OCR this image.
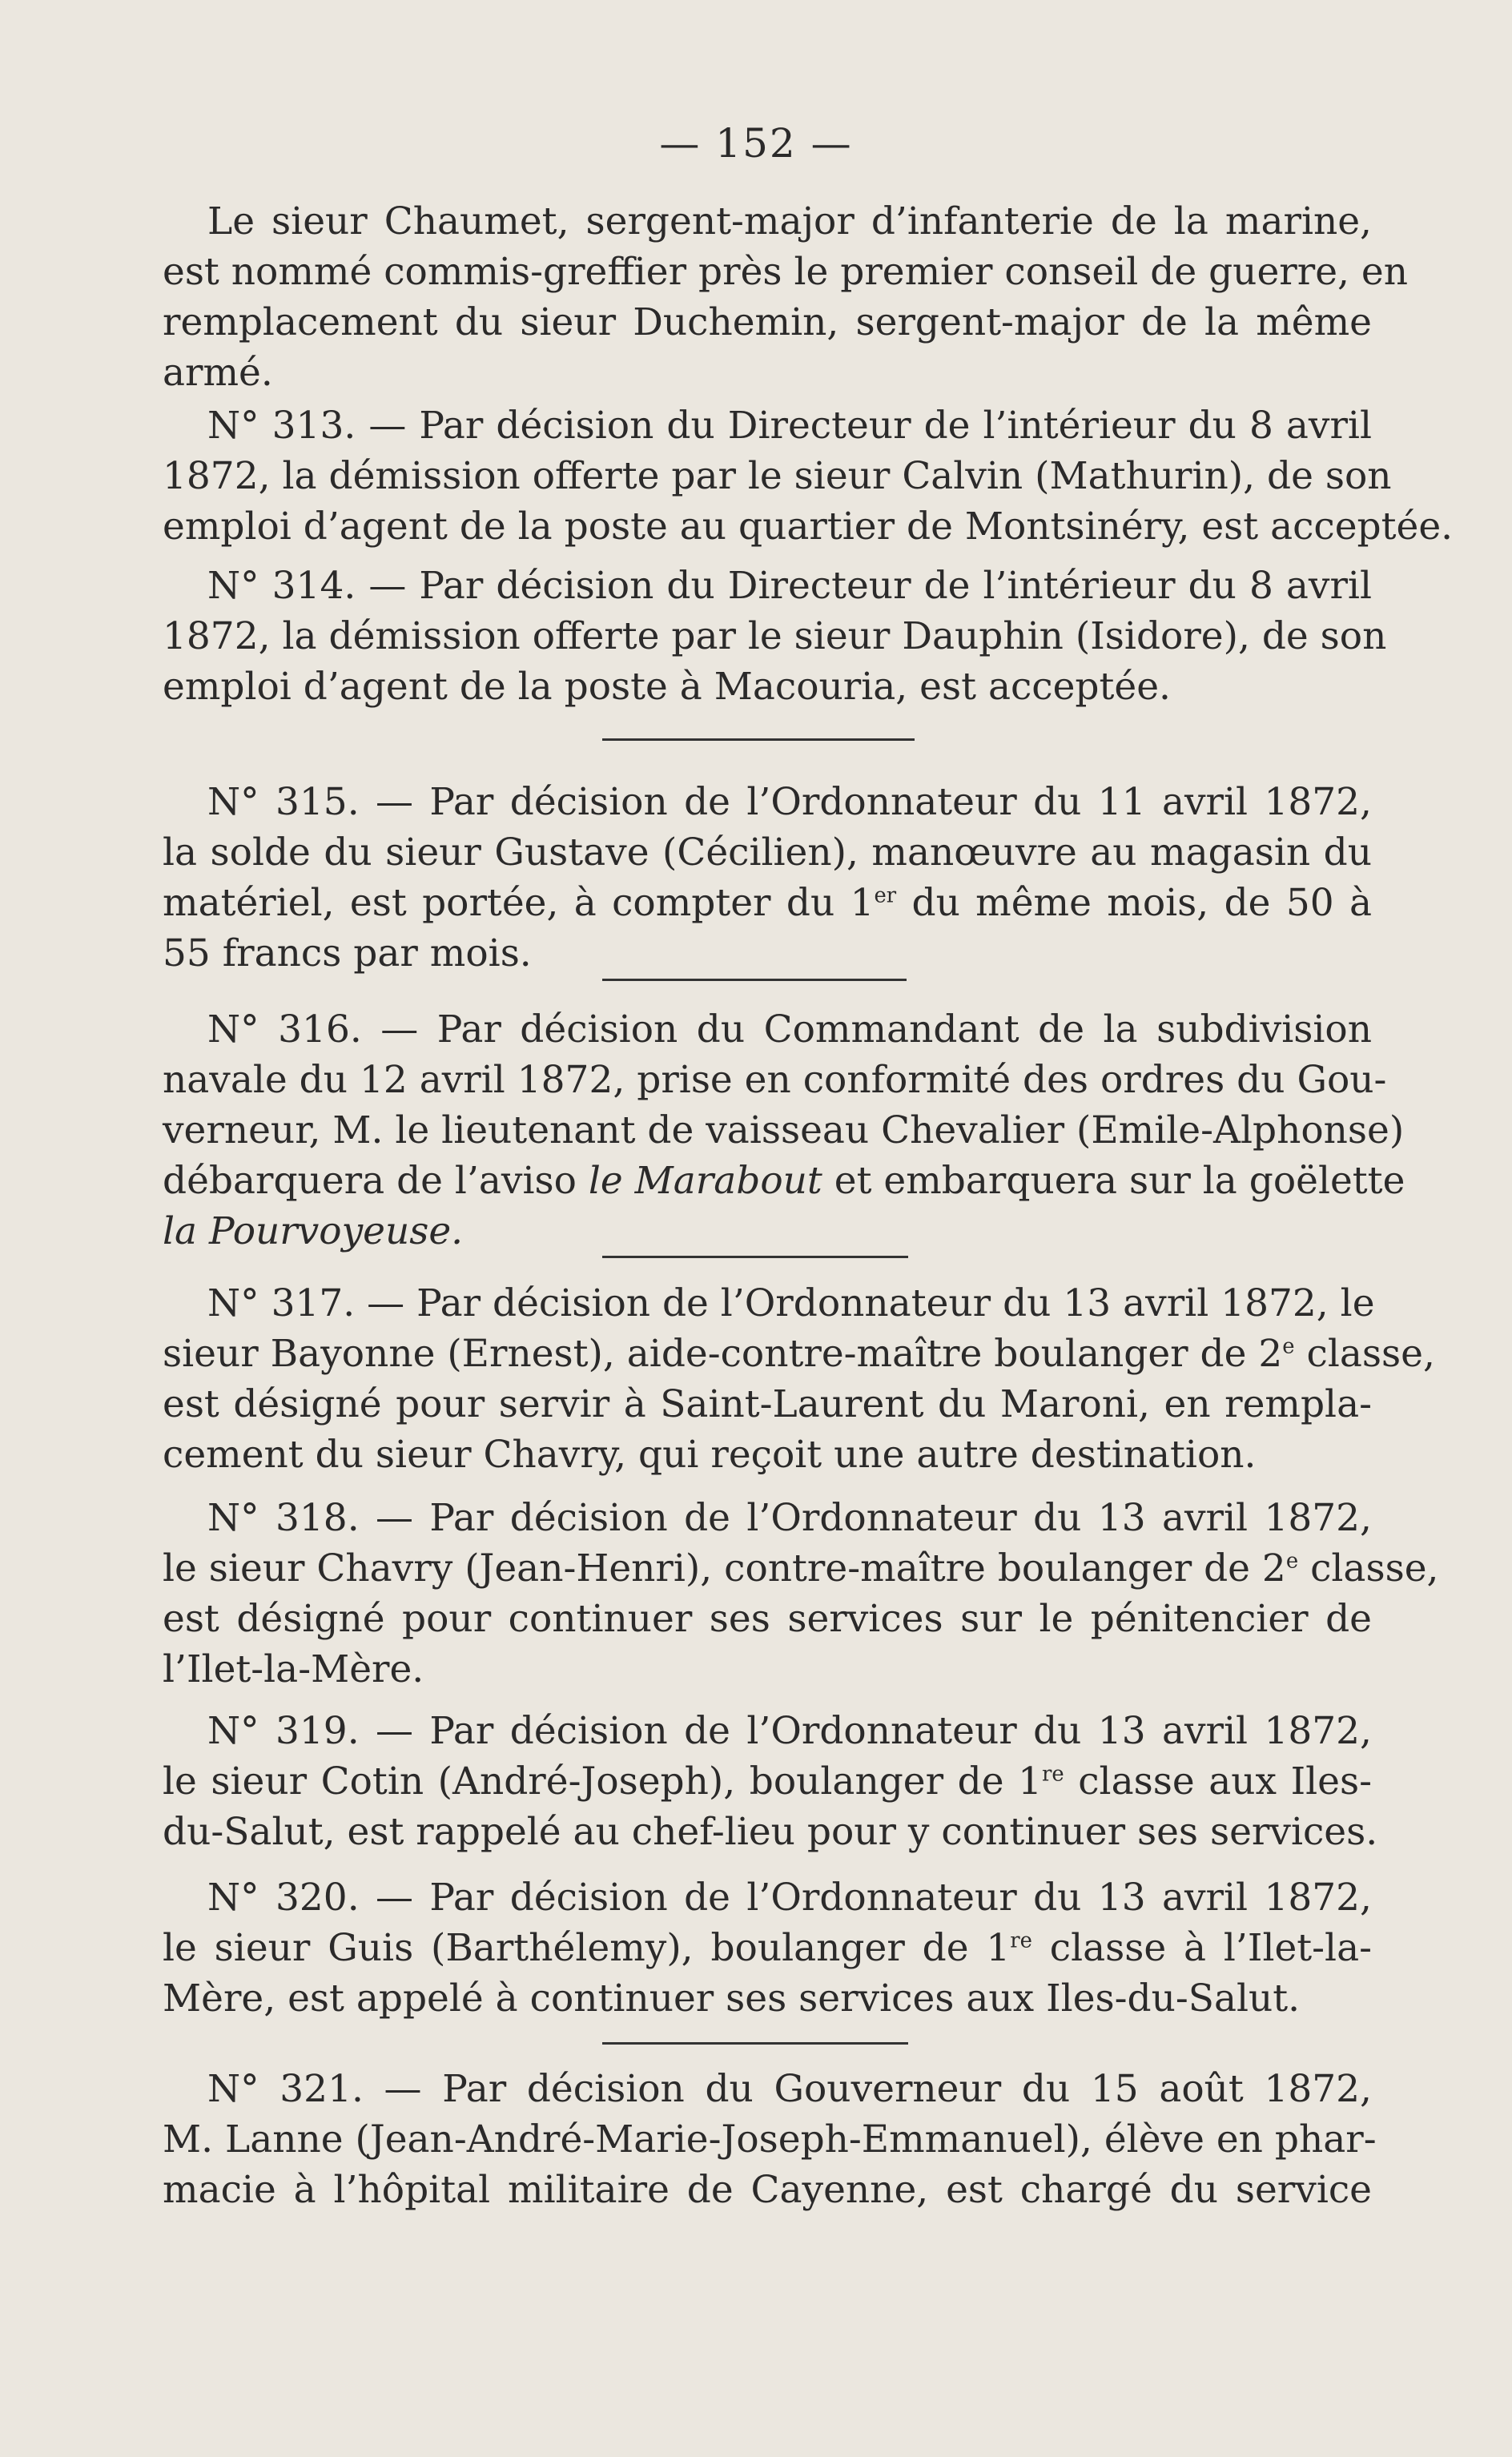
— 152 —
Le sieur Chaumet, sergent-major d’infanterie de la marine,
est nommé commis-greffier près le premier conseil de guerre, en
remplacement du sieur Duchemin, sergent-major de la même
armé.
N° 313. — Par décision du Directeur de l’intérieur du 8 avril
1872, la démission offerte par le sieur Calvin (Mathurin), de son
emploi d’agent de la poste au quartier de Montsinéry, est acceptée.
N° 314. — Par décision du Directeur de l’intérieur du 8 avril
1872, la démission offerte par le sieur Dauphin (Isidore), de son
emploi d’agent de la poste à Macouria, est acceptée.
N° 315. — Par décision de l’Ordonnateur du 11 avril 1872,
la solde du sieur Gustave (Cécilien), manœuvre au magasin du
matériel, est portée, à compter du 1er du même mois, de 50 à
55 francs par mois.
N° 316. — Par décision du Commandant de la subdivision
navale du 12 avril 1872, prise en conformité des ordres du Gou-
verneur, M. le lieutenant de vaisseau Chevalier (Emile-Alphonse)
débarquera de l’aviso le Marabout et embarquera sur la goëlette
la Pourvoyeuse.
N° 317. — Par décision de l’Ordonnateur du 13 avril 1872, le
sieur Bayonne (Ernest), aide-contre-maître boulanger de 2e classe,
est désigné pour servir à Saint-Laurent du Maroni, en rempla-
cement du sieur Chavry, qui reçoit une autre destination.
N° 318. — Par décision de l’Ordonnateur du 13 avril 1872,
le sieur Chavry (Jean-Henri), contre-maître boulanger de 2e classe,
est désigné pour continuer ses services sur le pénitencier de
l’Ilet-la-Mère.
N° 319. — Par décision de l’Ordonnateur du 13 avril 1872,
le sieur Cotin (André-Joseph), boulanger de 1re classe aux Iles-
du-Salut, est rappelé au chef-lieu pour y continuer ses services.
N° 320. — Par décision de l’Ordonnateur du 13 avril 1872,
le sieur Guis (Barthélemy), boulanger de 1re classe à l’Ilet-la-
Mère, est appelé à continuer ses services aux Iles-du-Salut.
N° 321. — Par décision du Gouverneur du 15 août 1872,
M. Lanne (Jean-André-Marie-Joseph-Emmanuel), élève en phar-
macie à l’hôpital militaire de Cayenne, est chargé du service
